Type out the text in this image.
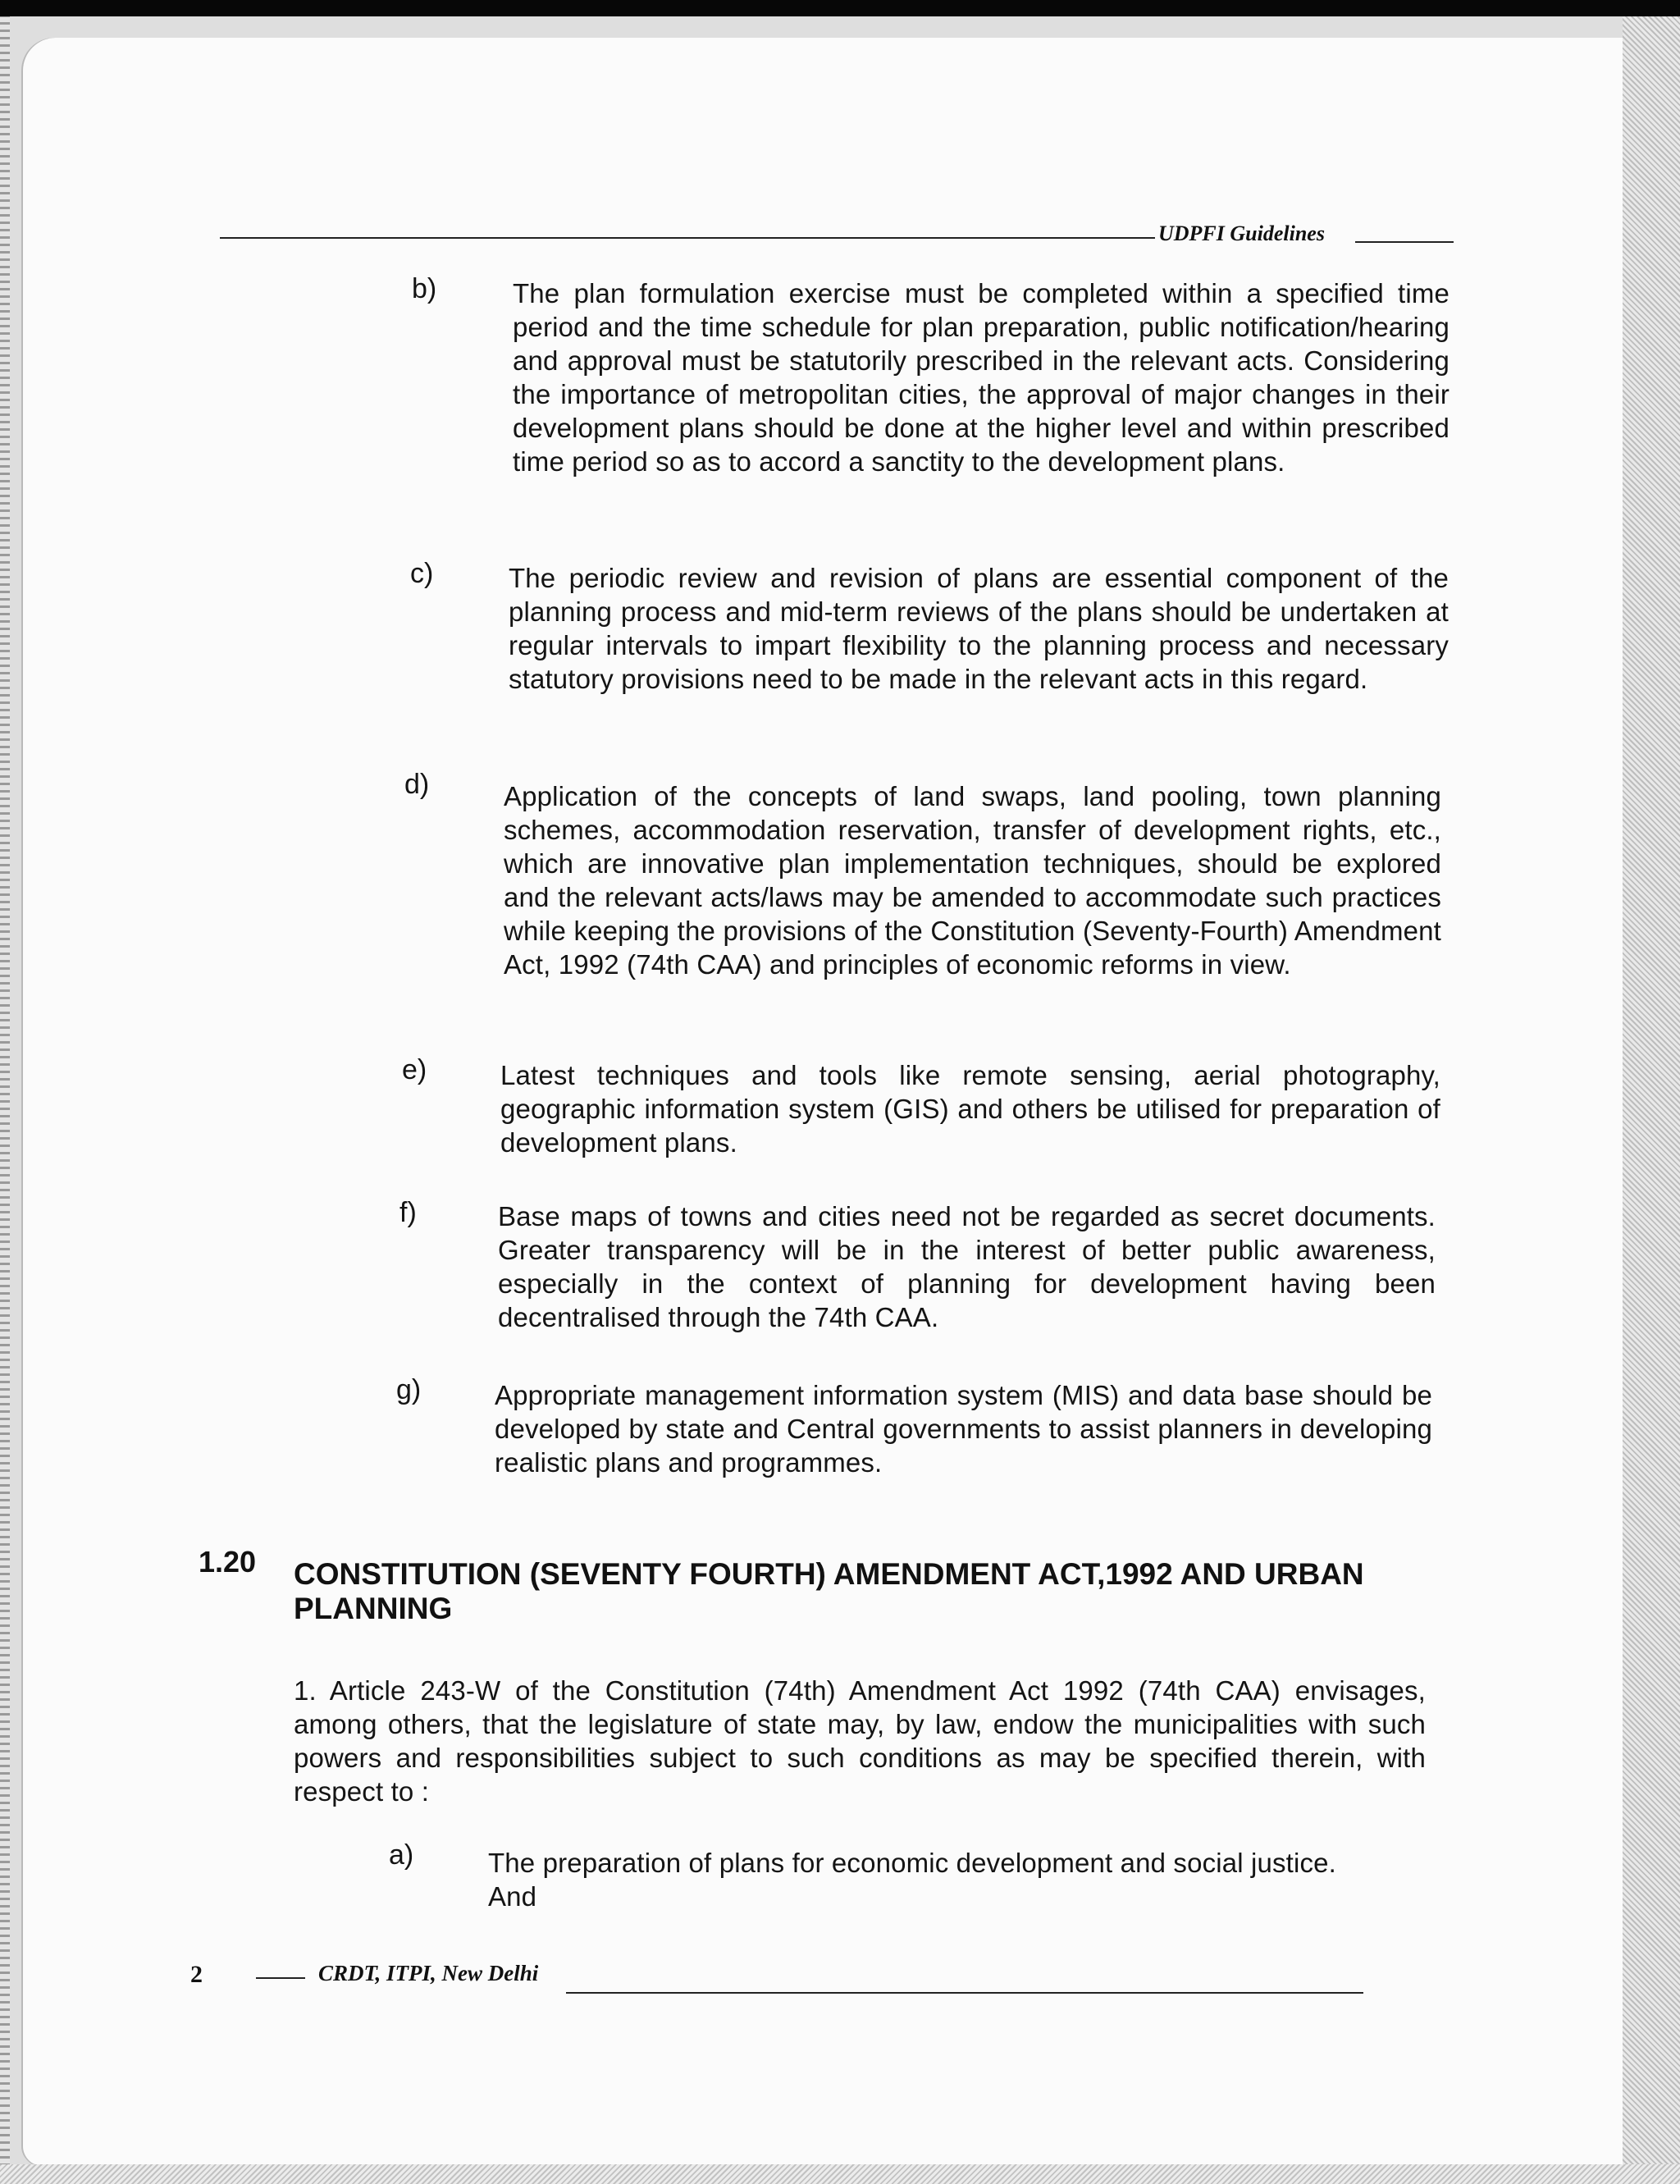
UDPFI Guidelines

b)	The plan formulation exercise must be completed within a specified time period and the time schedule for plan preparation, public notification/hearing and approval must be statutorily prescribed in the relevant acts. Considering the importance of metropolitan cities, the approval of major changes in their development plans should be done at the higher level and within prescribed time period so as to accord a sanctity to the development plans.

c)	The periodic review and revision of plans are essential component of the planning process and mid-term reviews of the plans should be undertaken at regular intervals to impart flexibility to the planning process and necessary statutory provisions need to be made in the relevant acts in this regard.

d)	Application of the concepts of land swaps, land pooling, town planning schemes, accommodation reservation, transfer of development rights, etc., which are innovative plan implementation techniques, should be explored and the relevant acts/laws may be amended to accommodate such practices while keeping the provisions of the Constitution (Seventy-Fourth) Amendment Act, 1992 (74th CAA) and principles of economic reforms in view.

e)	Latest techniques and tools like remote sensing, aerial photography, geographic information system (GIS) and others be utilised for preparation of development plans.

f)	Base maps of towns and cities need not be regarded as secret documents. Greater transparency will be in the interest of better public awareness, especially in the context of planning for development having been decentralised through the 74th CAA.

g)	Appropriate management information system (MIS) and data base should be developed by state and Central governments to assist planners in developing realistic plans and programmes.

1.20 CONSTITUTION (SEVENTY FOURTH) AMENDMENT ACT,1992 AND URBAN PLANNING

1. Article 243-W of the Constitution (74th) Amendment Act 1992 (74th CAA) envisages, among others, that the legislature of state may, by law, endow the municipalities with such powers and responsibilities subject to such conditions as may be specified therein, with respect to :

a)	The preparation of plans for economic development and social justice. And

2	CRDT, ITPI, New Delhi
